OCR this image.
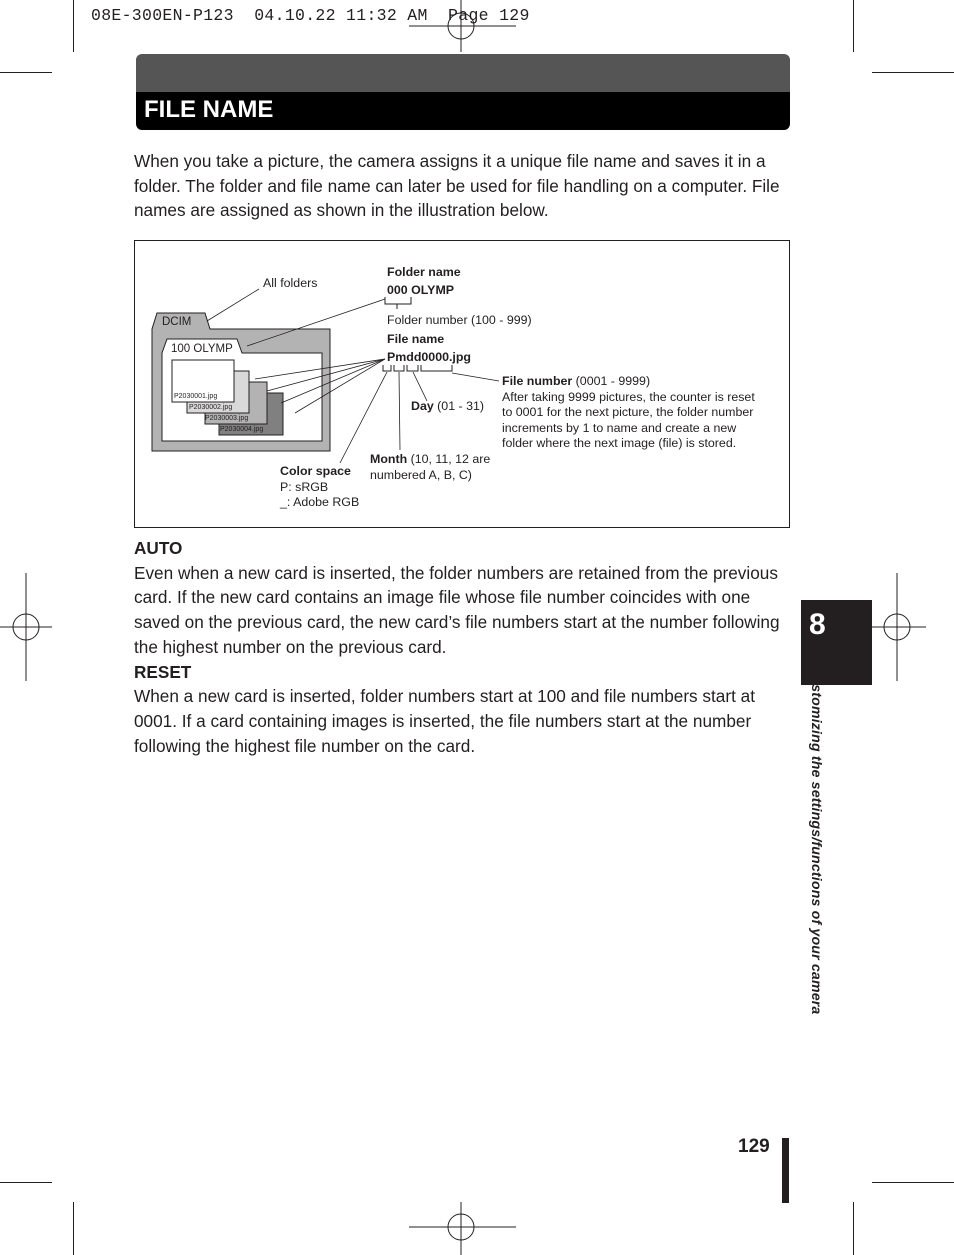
08E-300EN-P123  04.10.22 11:32 AM  Page 129
FILE NAME
When you take a picture, the camera assigns it a unique file name and saves it in a folder. The folder and file name can later be used for file handling on a computer. File names are assigned as shown in the illustration below.
All folders
DCIM
100 OLYMP
P2030001.jpg
P2030002.jpg
P2030003.jpg
P2030004.jpg
Folder name
000 OLYMP
Folder number (100 - 999)
File name
Pmdd0000.jpg
File number (0001 - 9999)
After taking 9999 pictures, the counter is reset
to 0001 for the next picture, the folder number
increments by 1 to name and create a new
folder where the next image (file) is stored.
Day (01 - 31)
Month (10, 11, 12 are
numbered A, B, C)
Color space
P: sRGB
_: Adobe RGB
AUTO
Even when a new card is inserted, the folder numbers are retained from the previous card. If the new card contains an image file whose file number coincides with one saved on the previous card, the new card’s file numbers start at the number following the highest number on the previous card.
RESET
When a new card is inserted, folder numbers start at 100 and file numbers start at 0001. If a card containing images is inserted, the file numbers start at the number following the highest file number on the card.
8
Customizing the settings/functions of your camera
129
